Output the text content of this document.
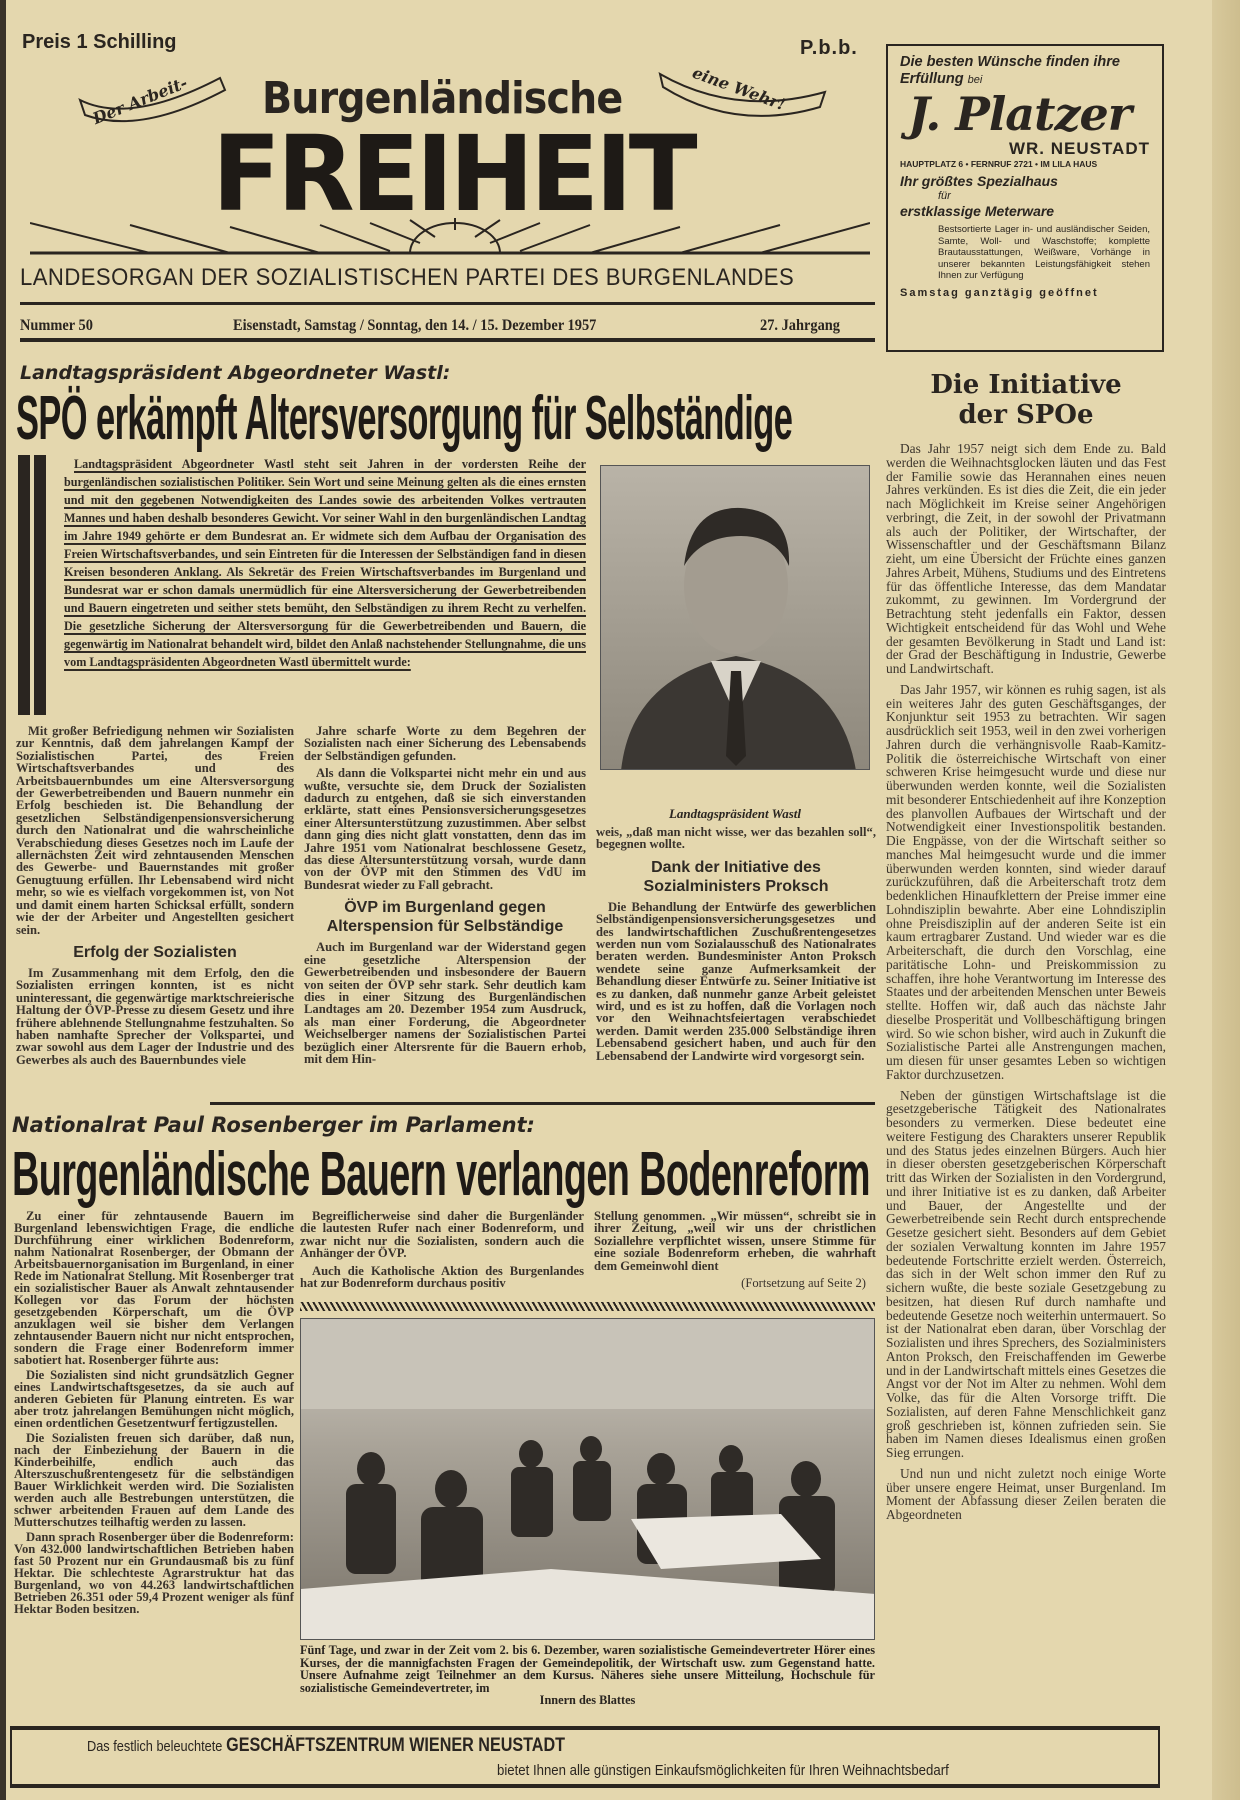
Preis 1 Schilling	P.b.b.
Der Arbeit-	eine Wehr!
Burgenländische
FREIHEIT
LANDESORGAN DER SOZIALISTISCHEN PARTEI DES BURGENLANDES
Nummer 50	Eisenstadt, Samstag / Sonntag, den 14. / 15. Dezember 1957	27. Jahrgang
Die besten Wünsche finden ihre
Erfüllung bei
J. Platzer
WR. NEUSTADT
HAUPTPLATZ 6 • FERNRUF 2721 • IM LILA HAUS
Ihr größtes Spezialhaus
für
erstklassige Meterware
Bestsortierte Lager in- und ausländischer Seiden, Samte, Woll- und Waschstoffe; komplette Brautausstattungen, Weißware, Vorhänge in unserer bekannten Leistungsfähigkeit stehen Ihnen zur Verfügung
Samstag ganztägig geöffnet
Landtagspräsident Abgeordneter Wastl:
SPÖ erkämpft Altersversorgung für Selbständige
Landtagspräsident Abgeordneter Wastl steht seit Jahren in der vordersten Reihe der burgenländischen sozialistischen Politiker. Sein Wort und seine Meinung gelten als die eines ernsten und mit den gegebenen Notwendigkeiten des Landes sowie des arbeitenden Volkes vertrauten Mannes und haben deshalb besonderes Gewicht. Vor seiner Wahl in den burgenländischen Landtag im Jahre 1949 gehörte er dem Bundesrat an. Er widmete sich dem Aufbau der Organisation des Freien Wirtschaftsverbandes, und sein Eintreten für die Interessen der Selbständigen fand in diesen Kreisen besonderen Anklang. Als Sekretär des Freien Wirtschaftsverbandes im Burgenland und Bundesrat war er schon damals unermüdlich für eine Altersversicherung der Gewerbetreibenden und Bauern eingetreten und seither stets bemüht, den Selbständigen zu ihrem Recht zu verhelfen. Die gesetzliche Sicherung der Altersversorgung für die Gewerbetreibenden und Bauern, die gegenwärtig im Nationalrat behandelt wird, bildet den Anlaß nachstehender Stellungnahme, die uns vom Landtagspräsidenten Abgeordneten Wastl übermittelt wurde:
Landtagspräsident Wastl

Mit großer Befriedigung nehmen wir Sozialisten zur Kenntnis, daß dem jahrelangen Kampf der Sozialistischen Partei, des Freien Wirtschaftsverbandes und des Arbeitsbauernbundes um eine Altersversorgung der Gewerbetreibenden und Bauern nunmehr ein Erfolg beschieden ist. Die Behandlung der gesetzlichen Selbständigenpensionsversicherung durch den Nationalrat und die wahrscheinliche Verabschiedung dieses Gesetzes noch im Laufe der allernächsten Zeit wird zehntausenden Menschen des Gewerbe- und Bauernstandes mit großer Genugtuung erfüllen. Ihr Lebensabend wird nicht mehr, so wie es vielfach vorgekommen ist, von Not und damit einem harten Schicksal erfüllt, sondern wie der der Arbeiter und Angestellten gesichert sein.

Erfolg der Sozialisten

Im Zusammenhang mit dem Erfolg, den die Sozialisten erringen konnten, ist es nicht uninteressant, die gegenwärtige marktschreierische Haltung der ÖVP-Presse zu diesem Gesetz und ihre frühere ablehnende Stellungnahme festzuhalten. So haben namhafte Sprecher der Volkspartei, und zwar sowohl aus dem Lager der Industrie und des Gewerbes als auch des Bauernbundes viele

Jahre scharfe Worte zu dem Begehren der Sozialisten nach einer Sicherung des Lebensabends der Selbständigen gefunden.

Als dann die Volkspartei nicht mehr ein und aus wußte, versuchte sie, dem Druck der Sozialisten dadurch zu entgehen, daß sie sich einverstanden erklärte, statt eines Pensionsversicherungsgesetzes einer Altersunterstützung zuzustimmen. Aber selbst dann ging dies nicht glatt vonstatten, denn das im Jahre 1951 vom Nationalrat beschlossene Gesetz, das diese Altersunterstützung vorsah, wurde dann von der ÖVP mit den Stimmen des VdU im Bundesrat wieder zu Fall gebracht.

ÖVP im Burgenland gegen Alterspension für Selbständige

Auch im Burgenland war der Widerstand gegen eine gesetzliche Alterspension der Gewerbetreibenden und insbesondere der Bauern von seiten der ÖVP sehr stark. Sehr deutlich kam dies in einer Sitzung des Burgenländischen Landtages am 20. Dezember 1954 zum Ausdruck, als man einer Forderung, die Abgeordneter Weichselberger namens der Sozialistischen Partei bezüglich einer Altersrente für die Bauern erhob, mit dem Hin-

weis, „daß man nicht wisse, wer das bezahlen soll“, begegnen wollte.

Dank der Initiative des Sozialministers Proksch

Die Behandlung der Entwürfe des gewerblichen Selbständigenpensionsversicherungsgesetzes und des landwirtschaftlichen Zuschußrentengesetzes werden nun vom Sozialausschuß des Nationalrates beraten werden. Bundesminister Anton Proksch wendete seine ganze Aufmerksamkeit der Behandlung dieser Entwürfe zu. Seiner Initiative ist es zu danken, daß nunmehr ganze Arbeit geleistet wird, und es ist zu hoffen, daß die Vorlagen noch vor den Weihnachtsfeiertagen verabschiedet werden. Damit werden 235.000 Selbständige ihren Lebensabend gesichert haben, und auch für den Lebensabend der Landwirte wird vorgesorgt sein.

Nationalrat Paul Rosenberger im Parlament:
Burgenländische Bauern verlangen Bodenreform

Zu einer für zehntausende Bauern im Burgenland lebenswichtigen Frage, die endliche Durchführung einer wirklichen Bodenreform, nahm Nationalrat Rosenberger, der Obmann der Arbeitsbauernorganisation im Burgenland, in einer Rede im Nationalrat Stellung. Mit Rosenberger trat ein sozialistischer Bauer als Anwalt zehntausender Kollegen vor das Forum der höchsten gesetzgebenden Körperschaft, um die ÖVP anzuklagen weil sie bisher dem Verlangen zehntausender Bauern nicht nur nicht entsprochen, sondern die Frage einer Bodenreform immer sabotiert hat. Rosenberger führte aus:

Die Sozialisten sind nicht grundsätzlich Gegner eines Landwirtschaftsgesetzes, da sie auch auf anderen Gebieten für Planung eintreten. Es war aber trotz jahrelangen Bemühungen nicht möglich, einen ordentlichen Gesetzentwurf fertigzustellen.

Die Sozialisten freuen sich darüber, daß nun, nach der Einbeziehung der Bauern in die Kinderbeihilfe, endlich auch das Alterszuschußrentengesetz für die selbständigen Bauer Wirklichkeit werden wird. Die Sozialisten werden auch alle Bestrebungen unterstützen, die schwer arbeitenden Frauen auf dem Lande des Mutterschutzes teilhaftig werden zu lassen.

Dann sprach Rosenberger über die Bodenreform: Von 432.000 landwirtschaftlichen Betrieben haben fast 50 Prozent nur ein Grundausmaß bis zu fünf Hektar. Die schlechteste Agrarstruktur hat das Burgenland, wo von 44.263 landwirtschaftlichen Betrieben 26.351 oder 59,4 Prozent weniger als fünf Hektar Boden besitzen.

Begreiflicherweise sind daher die Burgenländer die lautesten Rufer nach einer Bodenreform, und zwar nicht nur die Sozialisten, sondern auch die Anhänger der ÖVP.

Auch die Katholische Aktion des Burgenlandes hat zur Bodenreform durchaus positiv

Stellung genommen. „Wir müssen“, schreibt sie in ihrer Zeitung, „weil wir uns der christlichen Soziallehre verpflichtet wissen, unsere Stimme für eine soziale Bodenreform erheben, die wahrhaft dem Gemeinwohl dient

(Fortsetzung auf Seite 2)
Fünf Tage, und zwar in der Zeit vom 2. bis 6. Dezember, waren sozialistische Gemeindevertreter Hörer eines Kurses, der die mannigfachsten Fragen der Gemeindepolitik, der Wirtschaft usw. zum Gegenstand hatte. Unsere Aufnahme zeigt Teilnehmer an dem Kursus. Näheres siehe unsere Mitteilung, Hochschule für sozialistische Gemeindevertreter, im
Innern des Blattes
Die Initiative
der SPOe

Das Jahr 1957 neigt sich dem Ende zu. Bald werden die Weihnachtsglocken läuten und das Fest der Familie sowie das Herannahen eines neuen Jahres verkünden. Es ist dies die Zeit, die ein jeder nach Möglichkeit im Kreise seiner Angehörigen verbringt, die Zeit, in der sowohl der Privatmann als auch der Politiker, der Wirtschafter, der Wissenschaftler und der Geschäftsmann Bilanz zieht, um eine Übersicht der Früchte eines ganzen Jahres Arbeit, Mühens, Studiums und des Eintretens für das öffentliche Interesse, das dem Mandatar zukommt, zu gewinnen. Im Vordergrund der Betrachtung steht jedenfalls ein Faktor, dessen Wichtigkeit entscheidend für das Wohl und Wehe der gesamten Bevölkerung in Stadt und Land ist: der Grad der Beschäftigung in Industrie, Gewerbe und Landwirtschaft.

Das Jahr 1957, wir können es ruhig sagen, ist als ein weiteres Jahr des guten Geschäftsganges, der Konjunktur seit 1953 zu betrachten. Wir sagen ausdrücklich seit 1953, weil in den zwei vorherigen Jahren durch die verhängnisvolle Raab-Kamitz-Politik die österreichische Wirtschaft von einer schweren Krise heimgesucht wurde und diese nur überwunden werden konnte, weil die Sozialisten mit besonderer Entschiedenheit auf ihre Konzeption des planvollen Aufbaues der Wirtschaft und der Notwendigkeit einer Investionspolitik bestanden. Die Engpässe, von der die Wirtschaft seither so manches Mal heimgesucht wurde und die immer überwunden werden konnten, sind wieder darauf zurückzuführen, daß die Arbeiterschaft trotz dem bedenklichen Hinaufklettern der Preise immer eine Lohndisziplin bewahrte. Aber eine Lohndisziplin ohne Preisdisziplin auf der anderen Seite ist ein kaum ertragbarer Zustand. Und wieder war es die Arbeiterschaft, die durch den Vorschlag, eine paritätische Lohn- und Preiskommission zu schaffen, ihre hohe Verantwortung im Interesse des Staates und der arbeitenden Menschen unter Beweis stellte. Hoffen wir, daß auch das nächste Jahr dieselbe Prosperität und Vollbeschäftigung bringen wird. So wie schon bisher, wird auch in Zukunft die Sozialistische Partei alle Anstrengungen machen, um diesen für unser gesamtes Leben so wichtigen Faktor durchzusetzen.

Neben der günstigen Wirtschaftslage ist die gesetzgeberische Tätigkeit des Nationalrates besonders zu vermerken. Diese bedeutet eine weitere Festigung des Charakters unserer Republik und des Status jedes einzelnen Bürgers. Auch hier in dieser obersten gesetzgeberischen Körperschaft tritt das Wirken der Sozialisten in den Vordergrund, und ihrer Initiative ist es zu danken, daß Arbeiter und Bauer, der Angestellte und der Gewerbetreibende sein Recht durch entsprechende Gesetze gesichert sieht. Besonders auf dem Gebiet der sozialen Verwaltung konnten im Jahre 1957 bedeutende Fortschritte erzielt werden. Österreich, das sich in der Welt schon immer den Ruf zu sichern wußte, die beste soziale Gesetzgebung zu besitzen, hat diesen Ruf durch namhafte und bedeutende Gesetze noch weiterhin untermauert. So ist der Nationalrat eben daran, über Vorschlag der Sozialisten und ihres Sprechers, des Sozialministers Anton Proksch, den Freischaffenden im Gewerbe und in der Landwirtschaft mittels eines Gesetzes die Angst vor der Not im Alter zu nehmen. Wohl dem Volke, das für die Alten Vorsorge trifft. Die Sozialisten, auf deren Fahne Menschlichkeit ganz groß geschrieben ist, können zufrieden sein. Sie haben im Namen dieses Idealismus einen großen Sieg errungen.

Und nun und nicht zuletzt noch einige Worte über unsere engere Heimat, unser Burgenland. Im Moment der Abfassung dieser Zeilen beraten die Abgeordneten

Das festlich beleuchtete GESCHÄFTSZENTRUM WIENER NEUSTADT
bietet Ihnen alle günstigen Einkaufsmöglichkeiten für Ihren Weihnachtsbedarf
